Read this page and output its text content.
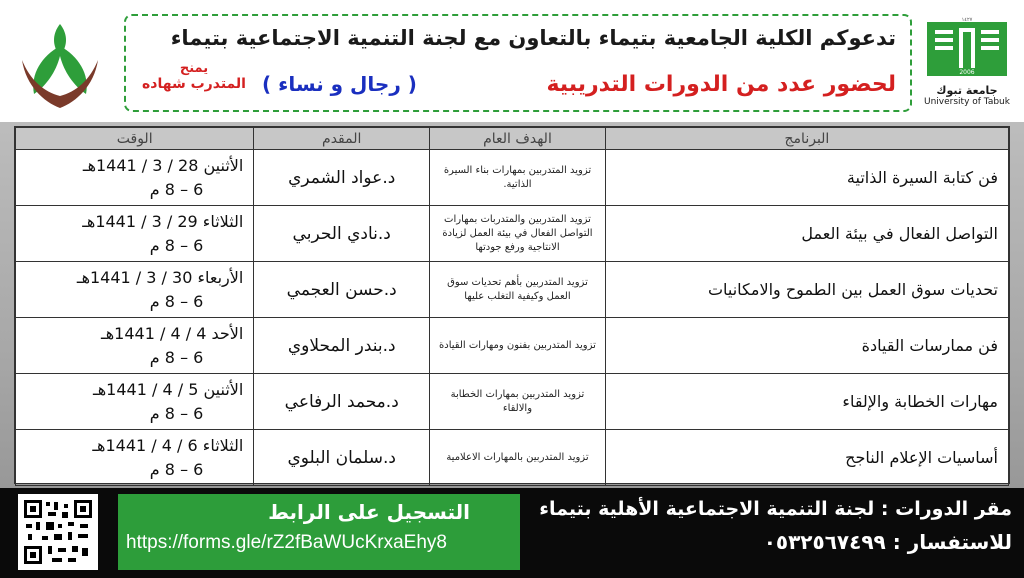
تدعوكم الكلية الجامعية بتيماء بالتعاون مع لجنة التنمية الاجتماعية بتيماء
لحضور عدد من الدورات التدريبية
( رجال و نساء )
يمنح
المتدرب شهاده
١٤٢٧
2006
جامعة تبوك
University of Tabuk
البرنامج	الهدف العام	المقدم	الوقت
فن كتابة السيرة الذاتية	تزويد المتدربين بمهارات بناء السيرة الذاتية.	د.عواد الشمري	الأثنين 28 / 3 / 1441هـ
6 – 8 م

التواصل الفعال في بيئة العمل	تزويد المتدربين والمتدربات بمهارات التواصل الفعال في بيئة العمل لزيادة الانتاجية ورفع جودتها	د.نادي الحربي	الثلاثاء 29 / 3 / 1441هـ
6 – 8 م

تحديات سوق العمل بين الطموح والامكانيات	تزويد المتدربين بأهم تحديات سوق العمل وكيفية التغلب عليها	د.حسن العجمي	الأربعاء 30 / 3 / 1441هـ
6 – 8 م

فن ممارسات القيادة	تزويد المتدربين بفنون ومهارات القيادة	د.بندر المحلاوي	الأحد 4 / 4 / 1441هـ
6 – 8 م

مهارات الخطابة والإلقاء	تزويد المتدربين بمهارات الخطابة والالقاء	د.محمد الرفاعي	الأثنين 5 / 4 / 1441هـ
6 – 8 م

أساسيات الإعلام الناجح	تزويد المتدربين بالمهارات الاعلامية	د.سلمان البلوي	الثلاثاء 6 / 4 / 1441هـ
6 – 8 م
التسجيل على الرابط
https://forms.gle/rZ2fBaWUcKrxaEhy8
مقر الدورات : لجنة التنمية الاجتماعية الأهلية بتيماء
للاستفسار : ٠٥٣٢٥٦٧٤٩٩
